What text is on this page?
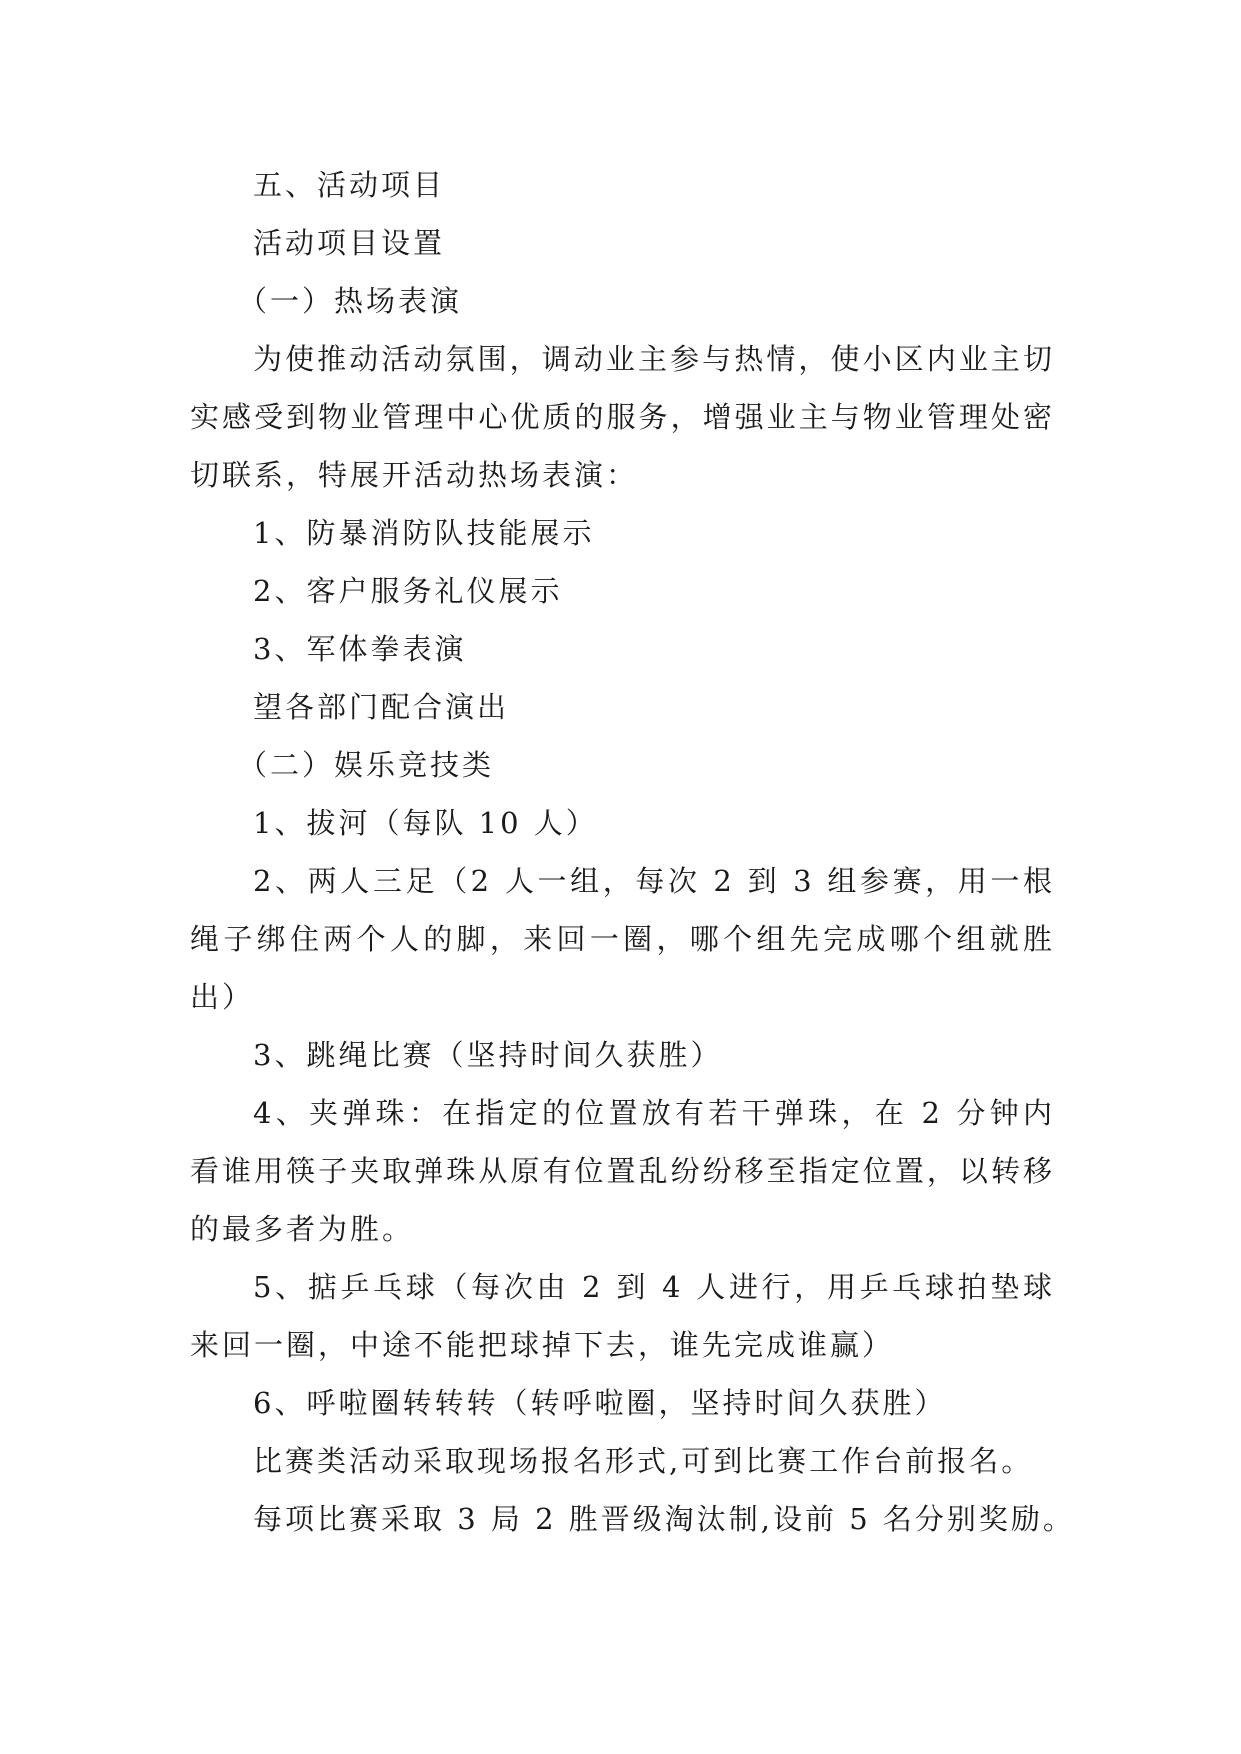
五、活动项目

活动项目设置

（一）热场表演

为使推动活动氛围，调动业主参与热情，使小区内业主切实感受到物业管理中心优质的服务，增强业主与物业管理处密切联系，特展开活动热场表演：

1、防暴消防队技能展示

2、客户服务礼仪展示

3、军体拳表演

望各部门配合演出

（二）娱乐竞技类

1、拔河（每队 10 人）

2、两人三足（2 人一组，每次 2 到 3 组参赛，用一根绳子绑住两个人的脚，来回一圈，哪个组先完成哪个组就胜出）

3、跳绳比赛（坚持时间久获胜）

4、夹弹珠：在指定的位置放有若干弹珠，在 2 分钟内看谁用筷子夹取弹珠从原有位置乱纷纷移至指定位置，以转移的最多者为胜。

5、掂乒乓球（每次由 2 到 4 人进行，用乒乓球拍垫球来回一圈，中途不能把球掉下去，谁先完成谁赢）

6、呼啦圈转转转（转呼啦圈，坚持时间久获胜）

比赛类活动采取现场报名形式,可到比赛工作台前报名。

每项比赛采取 3 局 2 胜晋级淘汰制,设前 5 名分别奖励。
